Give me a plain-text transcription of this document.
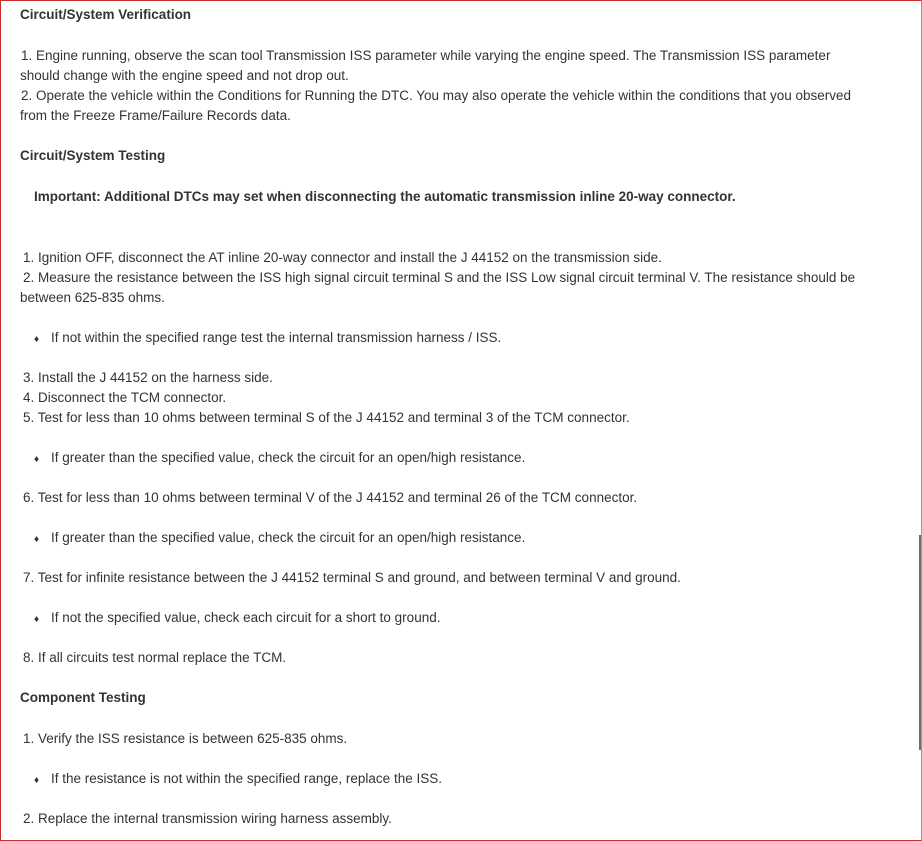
Circuit/System Verification
1. Engine running, observe the scan tool Transmission ISS parameter while varying the engine speed. The Transmission ISS parameter
should change with the engine speed and not drop out.
2. Operate the vehicle within the Conditions for Running the DTC. You may also operate the vehicle within the conditions that you observed
from the Freeze Frame/Failure Records data.
Circuit/System Testing
Important: Additional DTCs may set when disconnecting the automatic transmission inline 20-way connector.
1. Ignition OFF, disconnect the AT inline 20-way connector and install the J 44152 on the transmission side.
2. Measure the resistance between the ISS high signal circuit terminal S and the ISS Low signal circuit terminal V. The resistance should be
between 625-835 ohms.
♦ If not within the specified range test the internal transmission harness / ISS.
3. Install the J 44152 on the harness side.
4. Disconnect the TCM connector.
5. Test for less than 10 ohms between terminal S of the J 44152 and terminal 3 of the TCM connector.
♦ If greater than the specified value, check the circuit for an open/high resistance.
6. Test for less than 10 ohms between terminal V of the J 44152 and terminal 26 of the TCM connector.
♦ If greater than the specified value, check the circuit for an open/high resistance.
7. Test for infinite resistance between the J 44152 terminal S and ground, and between terminal V and ground.
♦ If not the specified value, check each circuit for a short to ground.
8. If all circuits test normal replace the TCM.
Component Testing
1. Verify the ISS resistance is between 625-835 ohms.
♦ If the resistance is not within the specified range, replace the ISS.
2. Replace the internal transmission wiring harness assembly.
